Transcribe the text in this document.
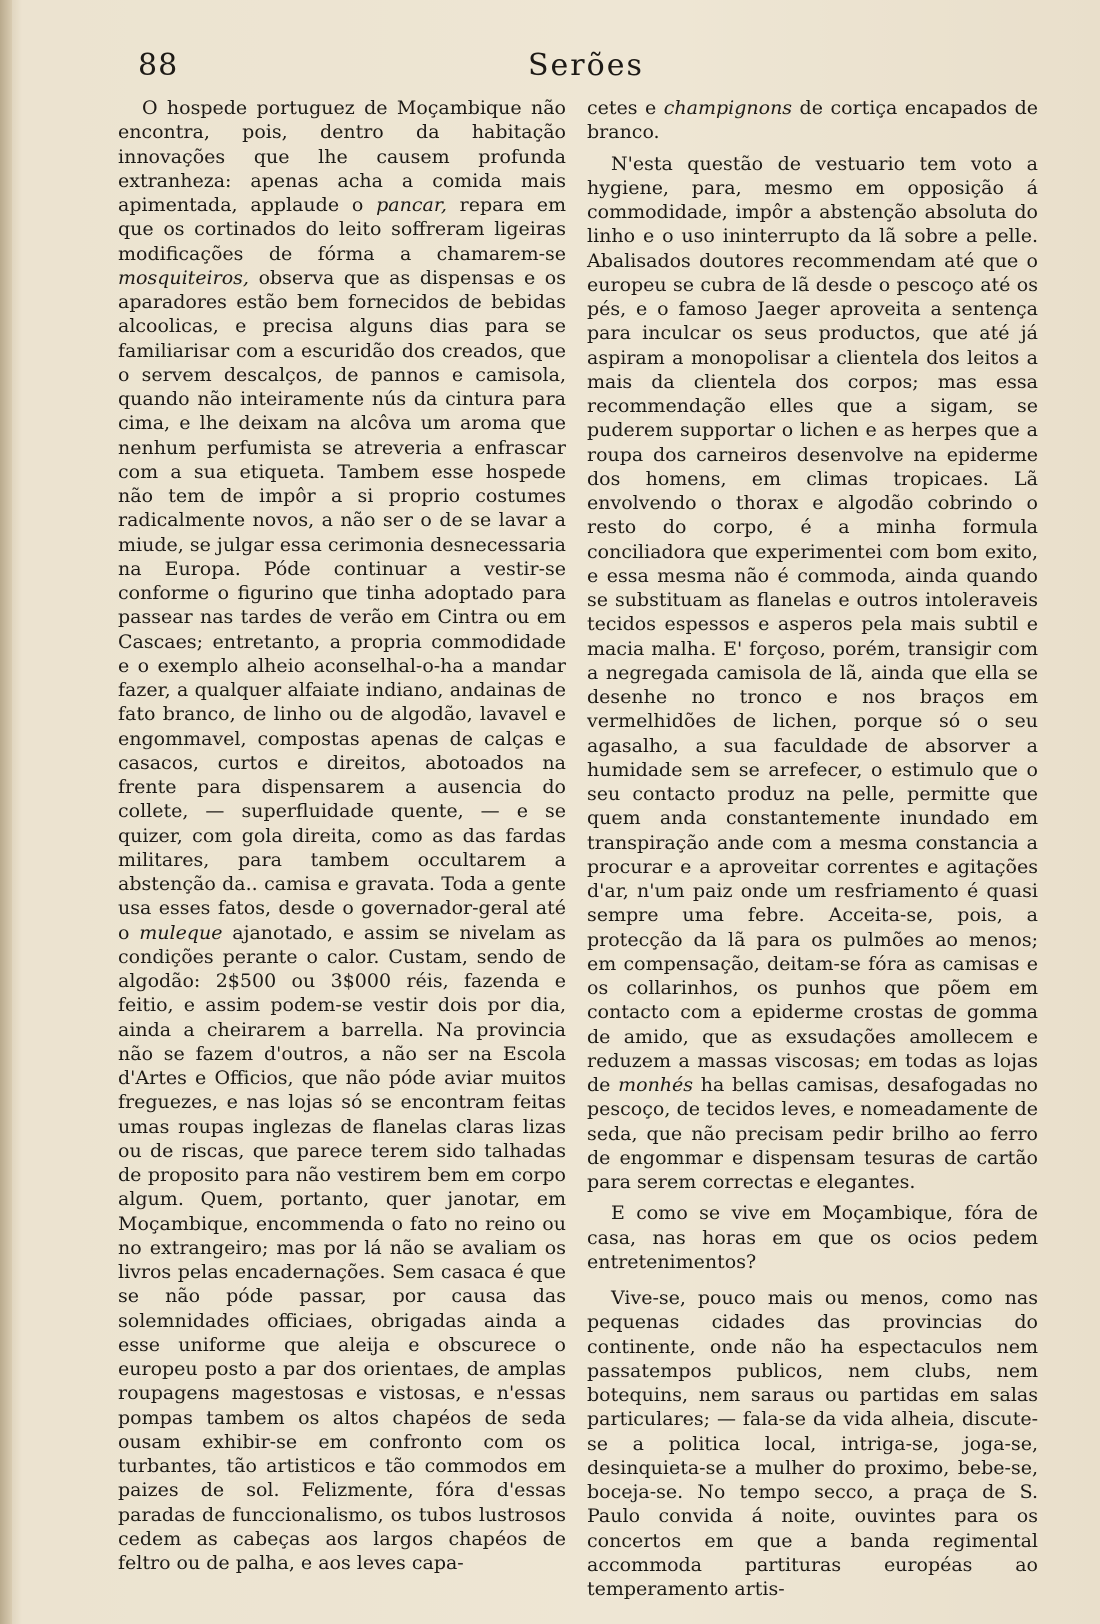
88	Serões

O hospede portuguez de Moçambique não encontra, pois, dentro da habitação innovações que lhe causem profunda extranheza: apenas acha a comida mais apimentada, applaude o pancar, repara em que os cortinados do leito soffreram ligeiras modificações de fórma a chamarem-se mosquiteiros, observa que as dispensas e os aparadores estão bem fornecidos de bebidas alcoolicas, e precisa alguns dias para se familiarisar com a escuridão dos creados, que o servem descalços, de pannos e camisola, quando não inteiramente nús da cintura para cima, e lhe deixam na alcôva um aroma que nenhum perfumista se atreveria a enfrascar com a sua etiqueta. Tambem esse hospede não tem de impôr a si proprio costumes radicalmente novos, a não ser o de se lavar a miude, se julgar essa cerimonia desnecessaria na Europa. Póde continuar a vestir-se conforme o figurino que tinha adoptado para passear nas tardes de verão em Cintra ou em Cascaes; entretanto, a propria commodidade e o exemplo alheio aconselhal-o-ha a mandar fazer, a qualquer alfaiate indiano, andainas de fato branco, de linho ou de algodão, lavavel e engommavel, compostas apenas de calças e casacos, curtos e direitos, abotoados na frente para dispensarem a ausencia do collete, — superfluidade quente, — e se quizer, com gola direita, como as das fardas militares, para tambem occultarem a abstenção da.. camisa e gravata. Toda a gente usa esses fatos, desde o governador-geral até o muleque ajanotado, e assim se nivelam as condições perante o calor. Custam, sendo de algodão: 2$500 ou 3$000 réis, fazenda e feitio, e assim podem-se vestir dois por dia, ainda a cheirarem a barrella. Na provincia não se fazem d'outros, a não ser na Escola d'Artes e Officios, que não póde aviar muitos freguezes, e nas lojas só se encontram feitas umas roupas inglezas de flanelas claras lizas ou de riscas, que parece terem sido talhadas de proposito para não vestirem bem em corpo algum. Quem, portanto, quer janotar, em Moçambique, encommenda o fato no reino ou no extrangeiro; mas por lá não se avaliam os livros pelas encadernações. Sem casaca é que se não póde passar, por causa das solemnidades officiaes, obrigadas ainda a esse uniforme que aleija e obscurece o europeu posto a par dos orientaes, de amplas roupagens magestosas e vistosas, e n'essas pompas tambem os altos chapéos de seda ousam exhibir-se em confronto com os turbantes, tão artisticos e tão commodos em paizes de sol. Felizmente, fóra d'essas paradas de funccionalismo, os tubos lustrosos cedem as cabeças aos largos chapéos de feltro ou de palha, e aos leves capa-

cetes e champignons de cortiça encapados de branco.

N'esta questão de vestuario tem voto a hygiene, para, mesmo em opposição á commodidade, impôr a abstenção absoluta do linho e o uso ininterrupto da lã sobre a pelle. Abalisados doutores recommendam até que o europeu se cubra de lã desde o pescoço até os pés, e o famoso Jaeger aproveita a sentença para inculcar os seus productos, que até já aspiram a monopolisar a clientela dos leitos a mais da clientela dos corpos; mas essa recommendação elles que a sigam, se puderem supportar o lichen e as herpes que a roupa dos carneiros desenvolve na epiderme dos homens, em climas tropicaes. Lã envolvendo o thorax e algodão cobrindo o resto do corpo, é a minha formula conciliadora que experimentei com bom exito, e essa mesma não é commoda, ainda quando se substituam as flanelas e outros intoleraveis tecidos espessos e asperos pela mais subtil e macia malha. E' forçoso, porém, transigir com a negregada camisola de lã, ainda que ella se desenhe no tronco e nos braços em vermelhidões de lichen, porque só o seu agasalho, a sua faculdade de absorver a humidade sem se arrefecer, o estimulo que o seu contacto produz na pelle, permitte que quem anda constantemente inundado em transpiração ande com a mesma constancia a procurar e a aproveitar correntes e agitações d'ar, n'um paiz onde um resfriamento é quasi sempre uma febre. Acceita-se, pois, a protecção da lã para os pulmões ao menos; em compensação, deitam-se fóra as camisas e os collarinhos, os punhos que põem em contacto com a epiderme crostas de gomma de amido, que as exsudações amollecem e reduzem a massas viscosas; em todas as lojas de monhés ha bellas camisas, desafogadas no pescoço, de tecidos leves, e nomeadamente de seda, que não precisam pedir brilho ao ferro de engommar e dispensam tesuras de cartão para serem correctas e elegantes.

E como se vive em Moçambique, fóra de casa, nas horas em que os ocios pedem entretenimentos?

Vive-se, pouco mais ou menos, como nas pequenas cidades das provincias do continente, onde não ha espectaculos nem passatempos publicos, nem clubs, nem botequins, nem saraus ou partidas em salas particulares; — fala-se da vida alheia, discute-se a politica local, intriga-se, joga-se, desinquieta-se a mulher do proximo, bebe-se, boceja-se. No tempo secco, a praça de S. Paulo convida á noite, ouvintes para os concertos em que a banda regimental accommoda partituras européas ao temperamento artis-
